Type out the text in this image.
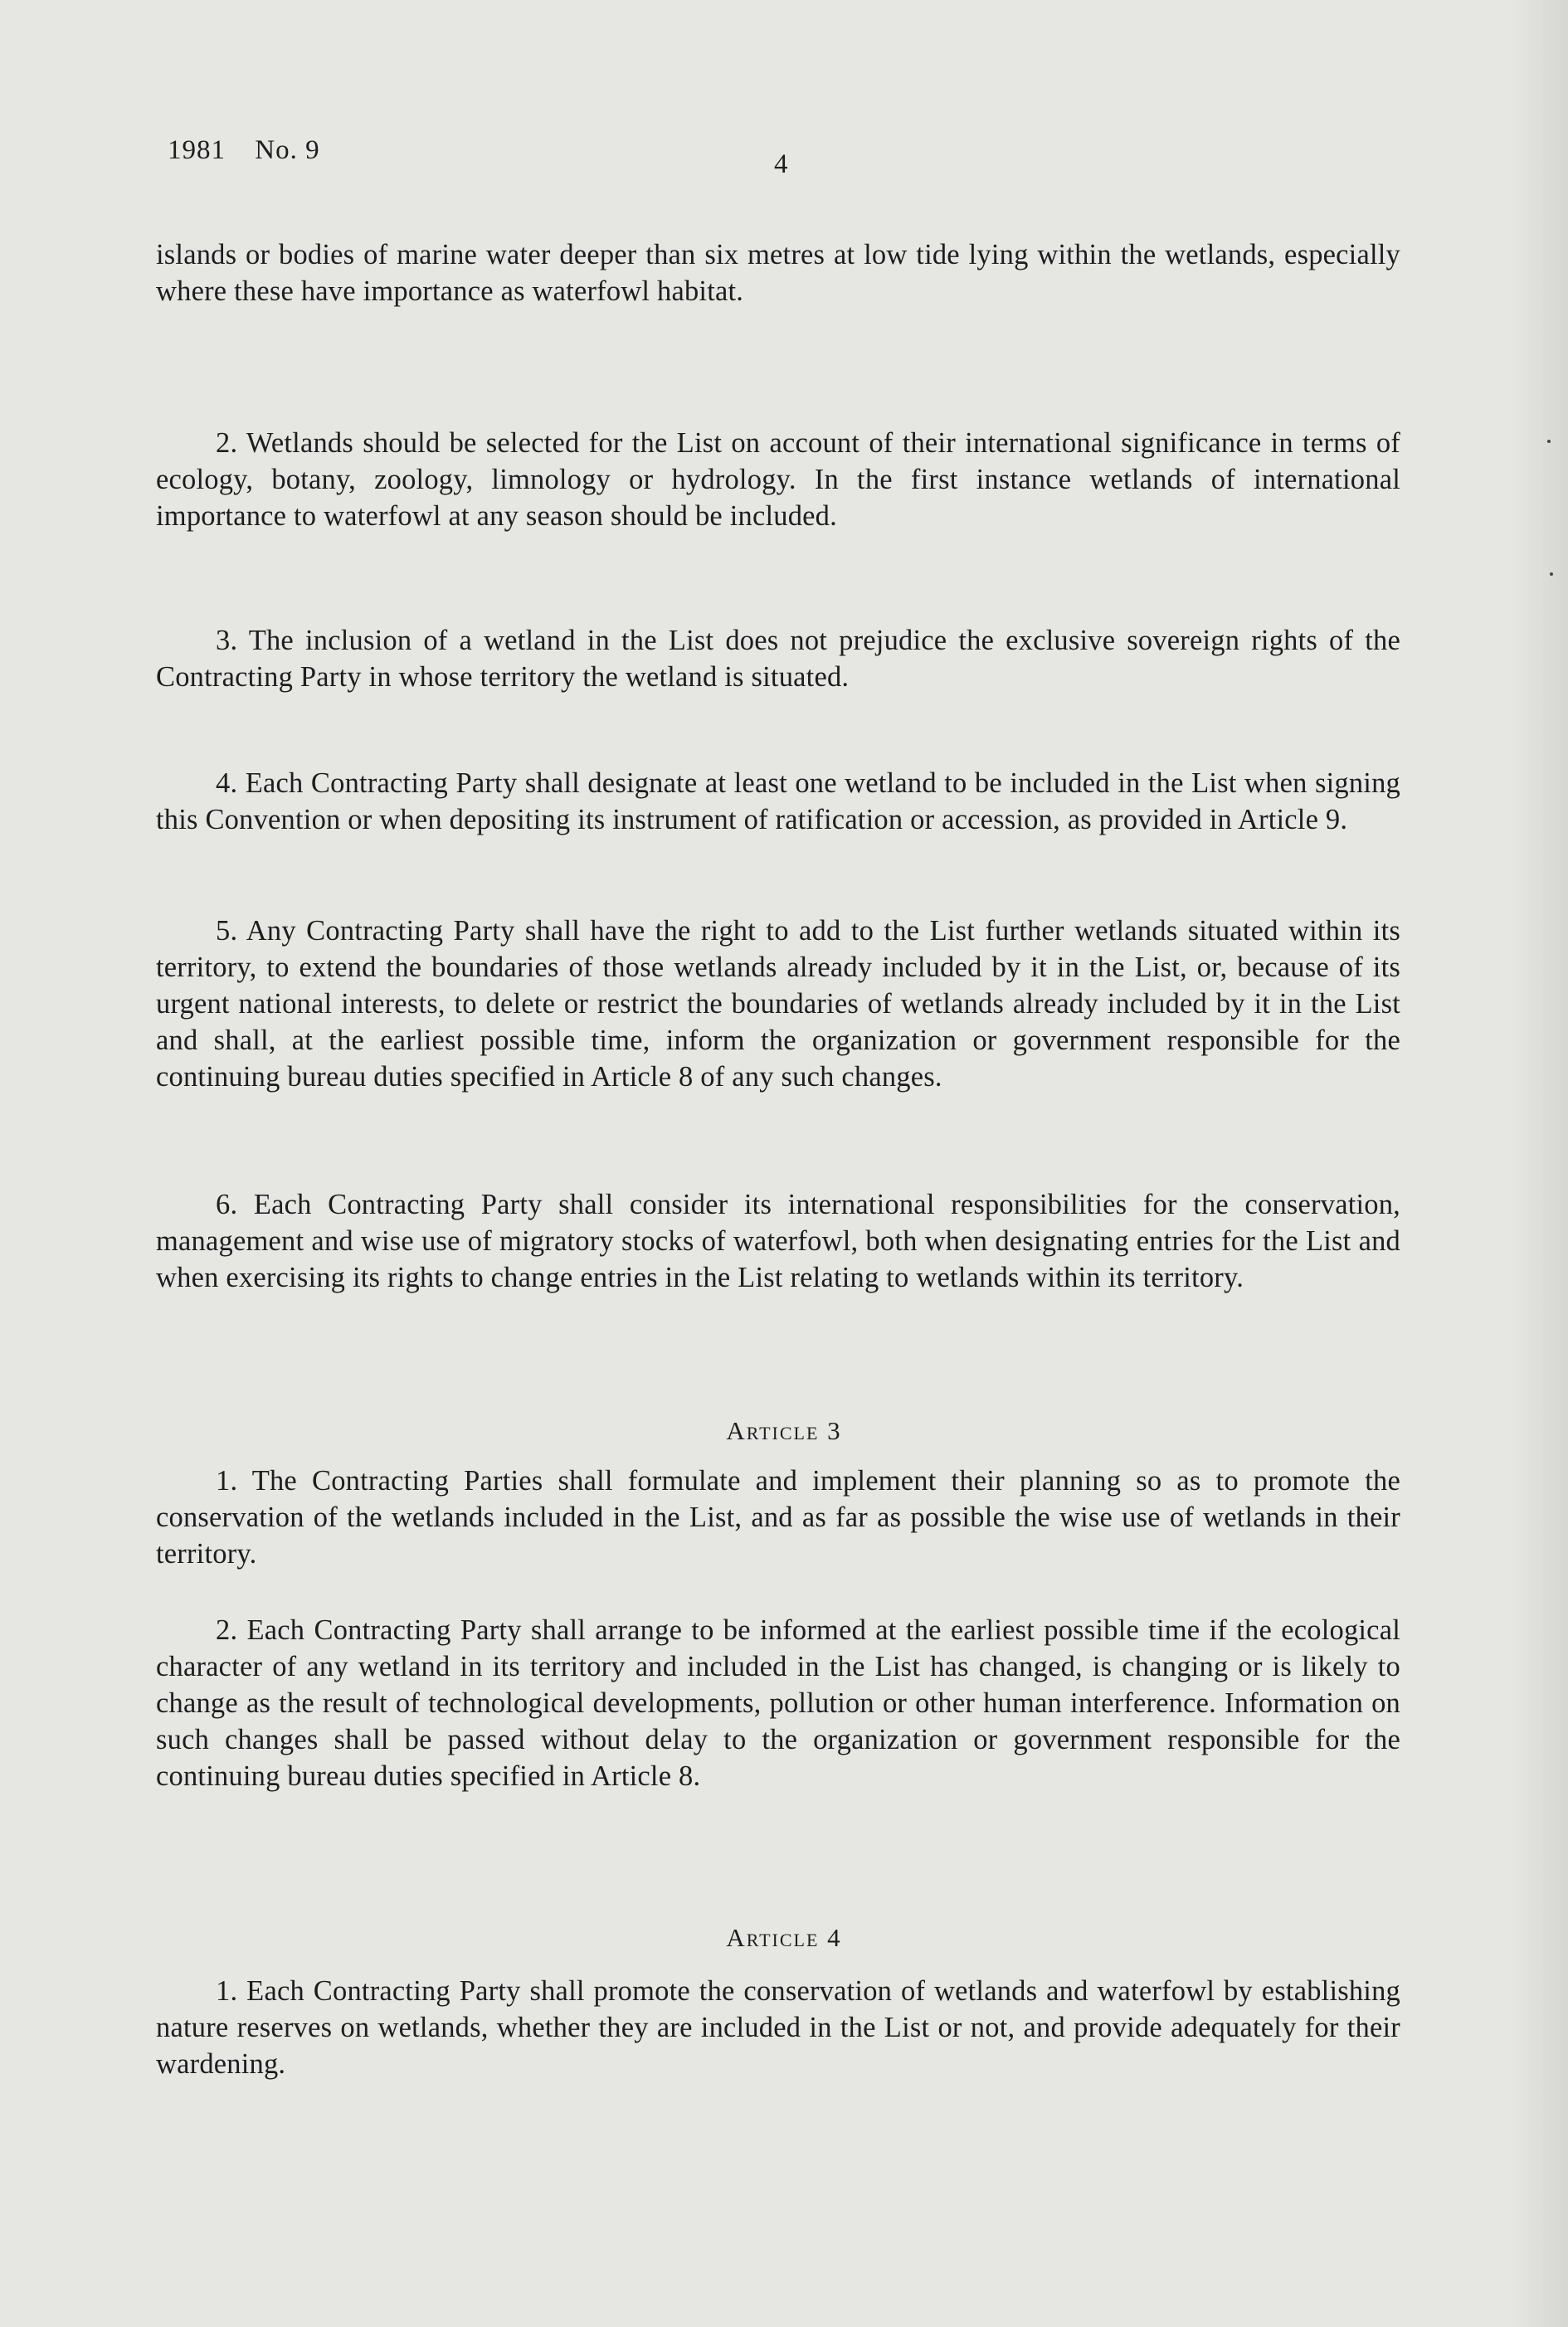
1981 No. 9	4

islands or bodies of marine water deeper than six metres at low tide lying within the wetlands, especially where these have importance as waterfowl habitat.

2. Wetlands should be selected for the List on account of their international significance in terms of ecology, botany, zoology, limnology or hydrology. In the first instance wetlands of international importance to waterfowl at any season should be included.

3. The inclusion of a wetland in the List does not prejudice the exclusive sovereign rights of the Contracting Party in whose territory the wetland is situated.

4. Each Contracting Party shall designate at least one wetland to be included in the List when signing this Convention or when depositing its instrument of ratification or accession, as provided in Article 9.

5. Any Contracting Party shall have the right to add to the List further wetlands situated within its territory, to extend the boundaries of those wetlands already included by it in the List, or, because of its urgent national interests, to delete or restrict the boundaries of wetlands already included by it in the List and shall, at the earliest possible time, inform the organization or government responsible for the continuing bureau duties specified in Article 8 of any such changes.

6. Each Contracting Party shall consider its international responsibilities for the conservation, management and wise use of migratory stocks of waterfowl, both when designating entries for the List and when exercising its rights to change entries in the List relating to wetlands within its territory.

Article 3

1. The Contracting Parties shall formulate and implement their planning so as to promote the conservation of the wetlands included in the List, and as far as possible the wise use of wetlands in their territory.

2. Each Contracting Party shall arrange to be informed at the earliest possible time if the ecological character of any wetland in its territory and included in the List has changed, is changing or is likely to change as the result of technological developments, pollution or other human interference. Information on such changes shall be passed without delay to the organization or government responsible for the continuing bureau duties specified in Article 8.

Article 4

1. Each Contracting Party shall promote the conservation of wetlands and waterfowl by establishing nature reserves on wetlands, whether they are included in the List or not, and provide adequately for their wardening.
